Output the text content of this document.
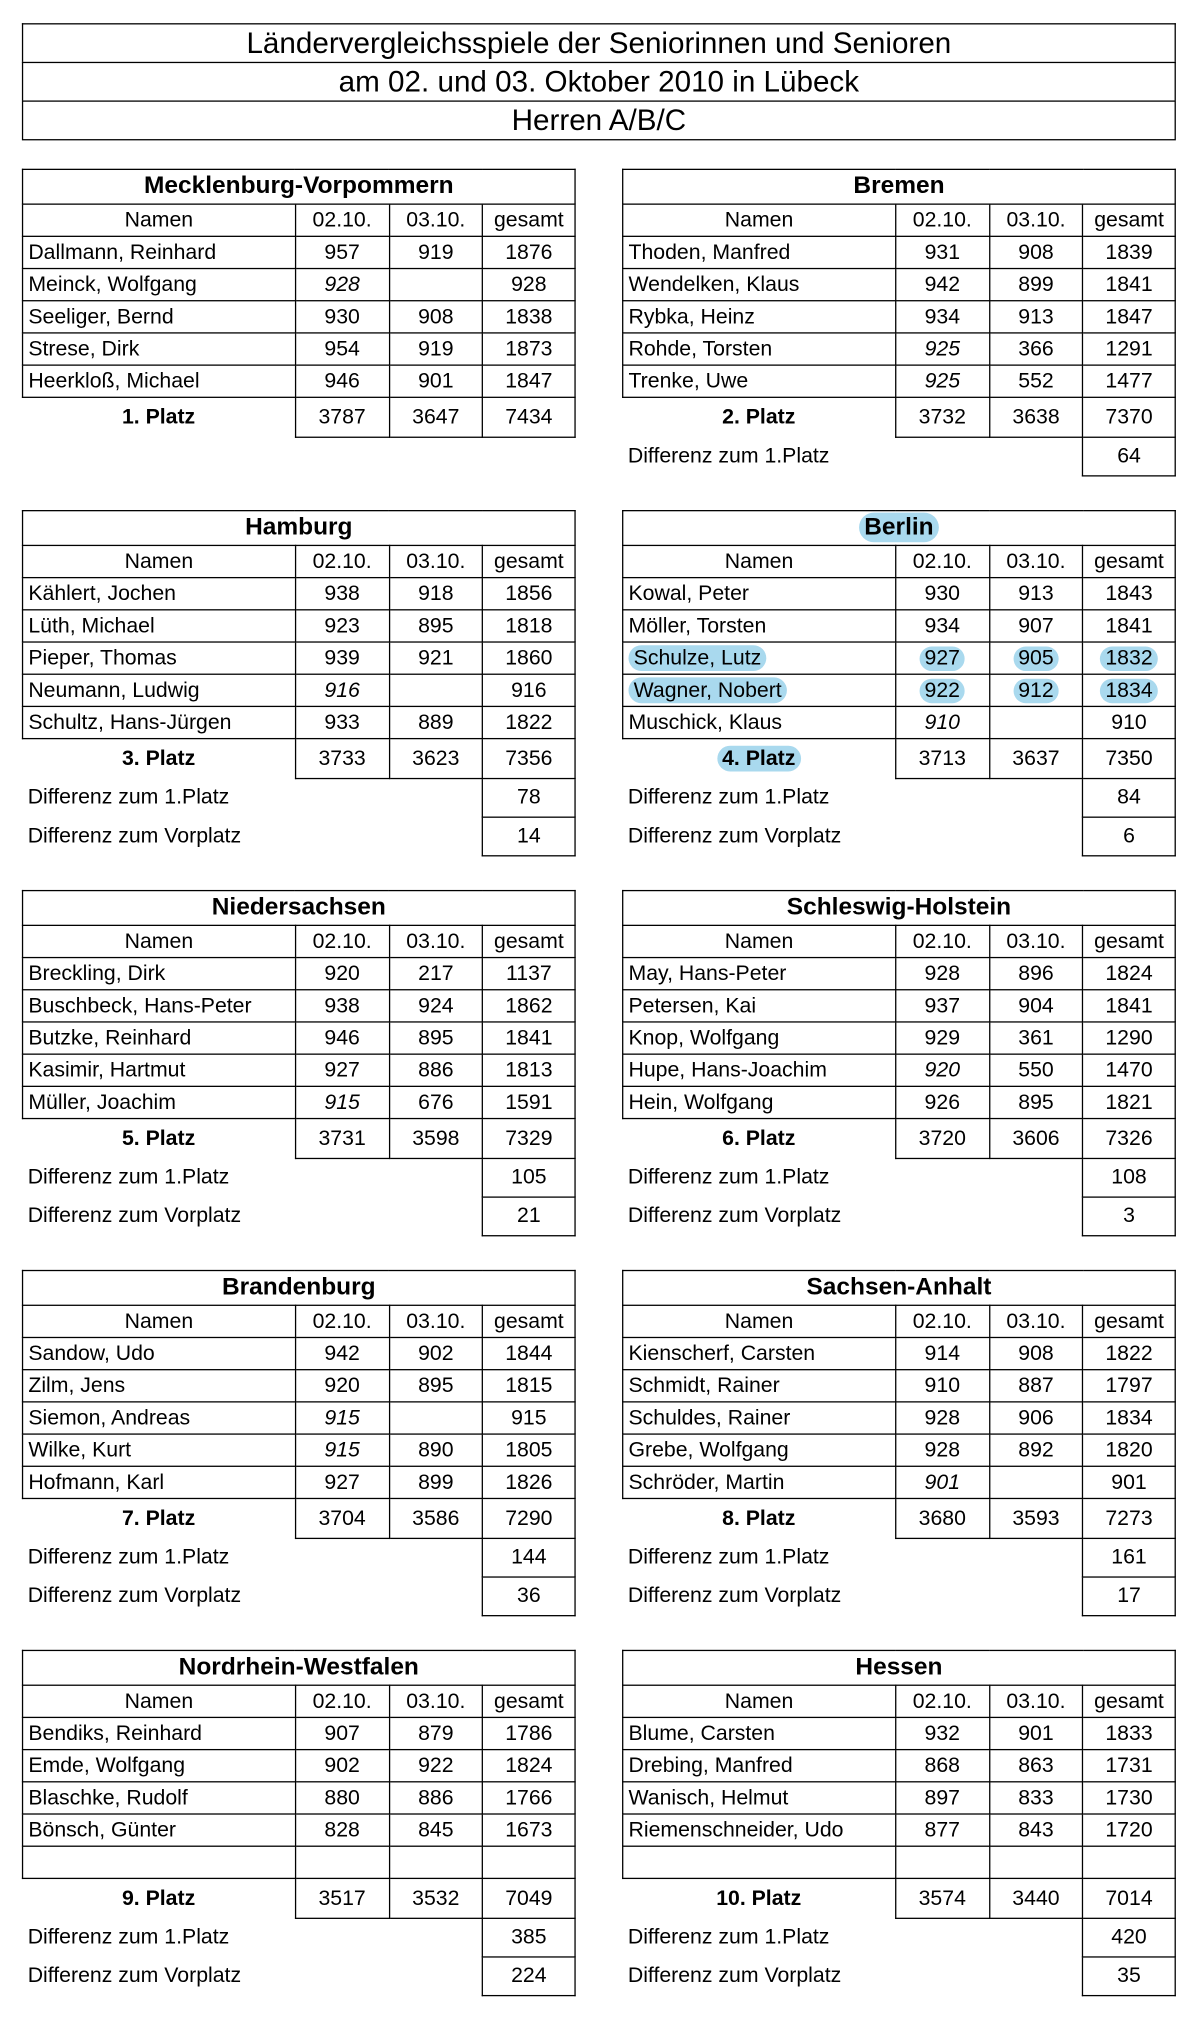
Ländervergleichsspiele der Seniorinnen und Senioren
am 02. und 03. Oktober 2010 in Lübeck
Herren A/B/C
Mecklenburg-Vorpommern			
Namen	02.10.	03.10.	gesamt
Dallmann, Reinhard	957	919	1876
Meinck, Wolfgang	928		928
Seeliger, Bernd	930	908	1838
Strese, Dirk	954	919	1873
Heerkloß, Michael	946	901	1847
1. Platz	3787	3647	7434
Bremen			
Namen	02.10.	03.10.	gesamt
Thoden, Manfred	931	908	1839
Wendelken, Klaus	942	899	1841
Rybka, Heinz	934	913	1847
Rohde, Torsten	925	366	1291
Trenke, Uwe	925	552	1477
2. Platz	3732	3638	7370
Differenz zum 1.Platz			64
Hamburg			
Namen	02.10.	03.10.	gesamt
Kählert, Jochen	938	918	1856
Lüth, Michael	923	895	1818
Pieper, Thomas	939	921	1860
Neumann, Ludwig	916		916
Schultz, Hans-Jürgen	933	889	1822
3. Platz	3733	3623	7356
Differenz zum 1.Platz			78
Differenz zum Vorplatz			14
Berlin			
Namen	02.10.	03.10.	gesamt
Kowal, Peter	930	913	1843
Möller, Torsten	934	907	1841
Schulze, Lutz	927	905	1832
Wagner, Nobert	922	912	1834
Muschick, Klaus	910		910
4. Platz	3713	3637	7350
Differenz zum 1.Platz			84
Differenz zum Vorplatz			6
Niedersachsen			
Namen	02.10.	03.10.	gesamt
Breckling, Dirk	920	217	1137
Buschbeck, Hans-Peter	938	924	1862
Butzke, Reinhard	946	895	1841
Kasimir, Hartmut	927	886	1813
Müller, Joachim	915	676	1591
5. Platz	3731	3598	7329
Differenz zum 1.Platz			105
Differenz zum Vorplatz			21
Schleswig-Holstein			
Namen	02.10.	03.10.	gesamt
May, Hans-Peter	928	896	1824
Petersen, Kai	937	904	1841
Knop, Wolfgang	929	361	1290
Hupe, Hans-Joachim	920	550	1470
Hein, Wolfgang	926	895	1821
6. Platz	3720	3606	7326
Differenz zum 1.Platz			108
Differenz zum Vorplatz			3
Brandenburg			
Namen	02.10.	03.10.	gesamt
Sandow, Udo	942	902	1844
Zilm, Jens	920	895	1815
Siemon, Andreas	915		915
Wilke, Kurt	915	890	1805
Hofmann, Karl	927	899	1826
7. Platz	3704	3586	7290
Differenz zum 1.Platz			144
Differenz zum Vorplatz			36
Sachsen-Anhalt			
Namen	02.10.	03.10.	gesamt
Kienscherf, Carsten	914	908	1822
Schmidt, Rainer	910	887	1797
Schuldes, Rainer	928	906	1834
Grebe, Wolfgang	928	892	1820
Schröder, Martin	901		901
8. Platz	3680	3593	7273
Differenz zum 1.Platz			161
Differenz zum Vorplatz			17
Nordrhein-Westfalen			
Namen	02.10.	03.10.	gesamt
Bendiks, Reinhard	907	879	1786
Emde, Wolfgang	902	922	1824
Blaschke, Rudolf	880	886	1766
Bönsch, Günter	828	845	1673

9. Platz	3517	3532	7049
Differenz zum 1.Platz			385
Differenz zum Vorplatz			224
Hessen			
Namen	02.10.	03.10.	gesamt
Blume, Carsten	932	901	1833
Drebing, Manfred	868	863	1731
Wanisch, Helmut	897	833	1730
Riemenschneider, Udo	877	843	1720

10. Platz	3574	3440	7014
Differenz zum 1.Platz			420
Differenz zum Vorplatz			35
